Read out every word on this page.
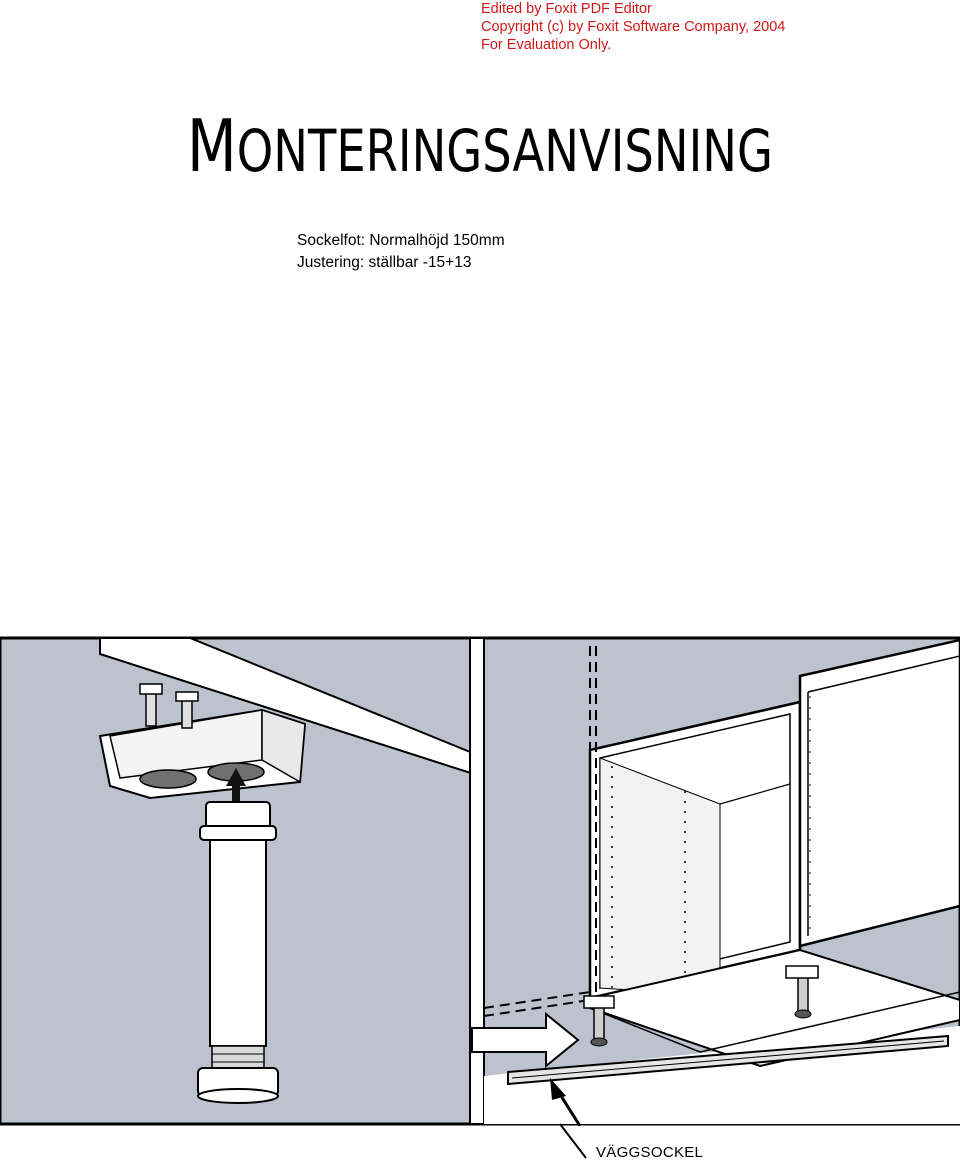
Edited by Foxit PDF Editor
Copyright (c) by Foxit Software Company, 2004
For Evaluation Only.
MONTERINGSANVISNING
Sockelfot: Normalhöjd 150mm
Justering: ställbar -15+13
VÄGGSOCKEL
